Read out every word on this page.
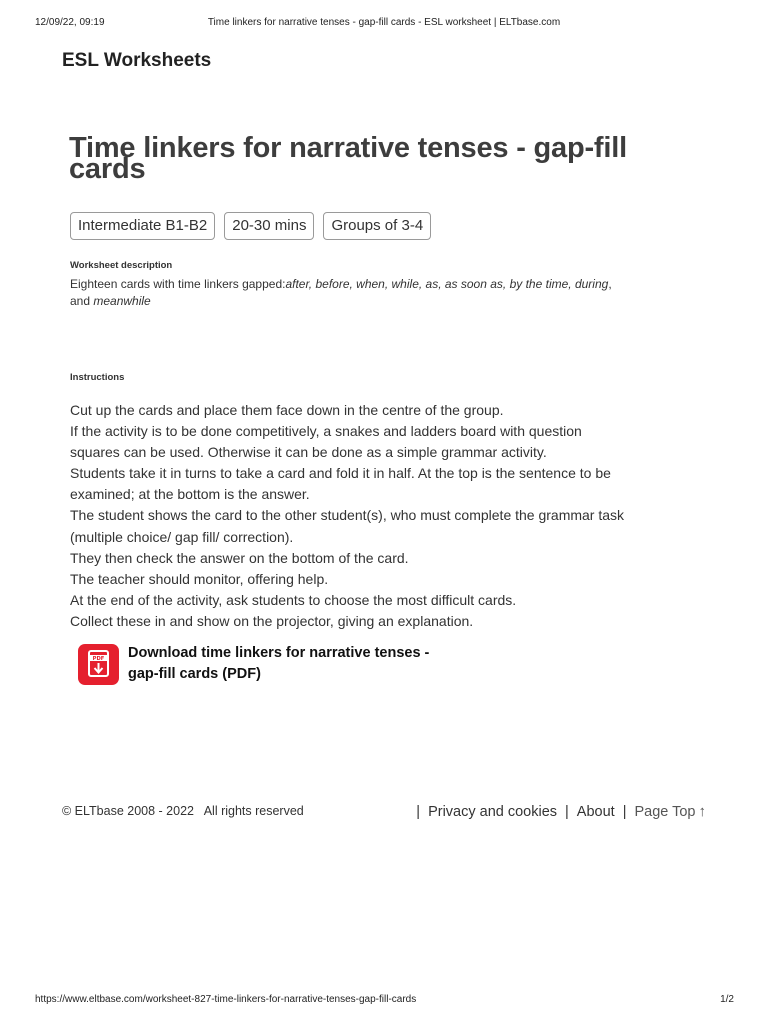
12/09/22, 09:19	Time linkers for narrative tenses - gap-fill cards - ESL worksheet | ELTbase.com
ESL Worksheets
Time linkers for narrative tenses - gap-fill cards
Intermediate B1-B2	20-30 mins	Groups of 3-4
Worksheet description

Eighteen cards with time linkers gapped:after, before, when, while, as, as soon as, by the time, during, and meanwhile

Instructions

Cut up the cards and place them face down in the centre of the group.

If the activity is to be done competitively, a snakes and ladders board with question squares can be used. Otherwise it can be done as a simple grammar activity.

Students take it in turns to take a card and fold it in half. At the top is the sentence to be examined; at the bottom is the answer.

The student shows the card to the other student(s), who must complete the grammar task (multiple choice/ gap fill/ correction).

They then check the answer on the bottom of the card.

The teacher should monitor, offering help.

At the end of the activity, ask students to choose the most difficult cards.

Collect these in and show on the projector, giving an explanation.

PDF Download time linkers for narrative tenses - gap-fill cards (PDF)
© ELTbase 2008 - 2022   All rights reserved	| Privacy and cookies | About | Page Top ↑
https://www.eltbase.com/worksheet-827-time-linkers-for-narrative-tenses-gap-fill-cards	1/2
